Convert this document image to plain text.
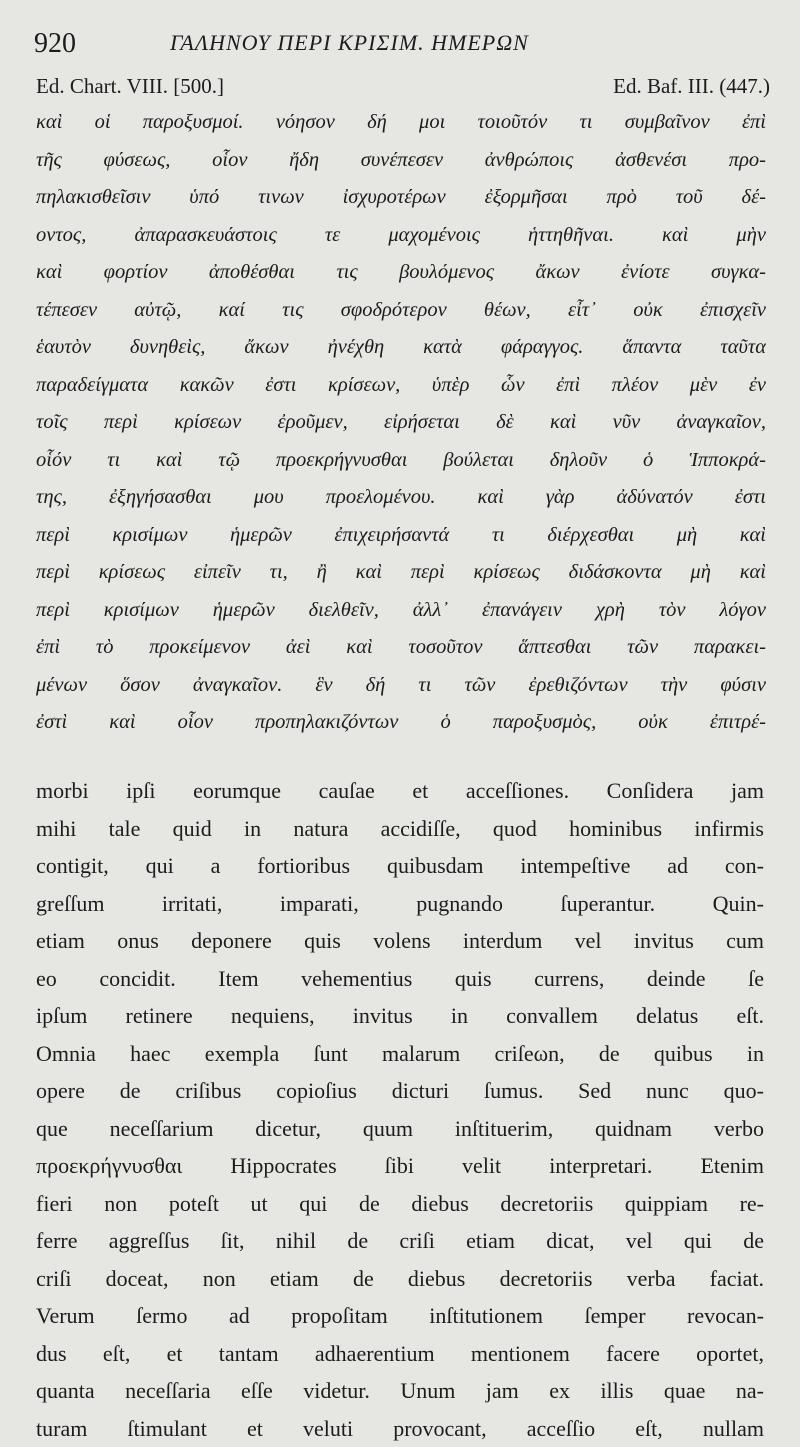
920	ΓΑΛΗΝΟΥ ΠΕΡΙ ΚΡΙΣΙΜ. ΗΜΕΡΩΝ
Ed. Chart. VIII. [500.]	Ed. Baf. III. (447.)
καὶ οἱ παροξυσμοί. νόησον δή μοι τοιοῦτόν τι συμβαῖνον ἐπὶ
τῆς φύσεως, οἷον ἤδη συνέπεσεν ἀνθρώποις ἀσθενέσι προ-
πηλακισθεῖσιν ὑπό τινων ἰσχυροτέρων ἐξορμῆσαι πρὸ τοῦ δέ-
οντος, ἀπαρασκευάστοις τε μαχομένοις ἡττηθῆναι. καὶ μὴν
καὶ φορτίον ἀποθέσθαι τις βουλόμενος ἄκων ἐνίοτε συγκα-
τέπεσεν αὐτῷ, καί τις σφοδρότερον θέων, εἶτ᾽ οὐκ ἐπισχεῖν
ἑαυτὸν δυνηθεὶς, ἄκων ἠνέχθη κατὰ φάραγγος. ἅπαντα ταῦτα
παραδείγματα κακῶν ἐστι κρίσεων, ὑπὲρ ὧν ἐπὶ πλέον μὲν ἐν
τοῖς περὶ κρίσεων ἐροῦμεν, εἰρήσεται δὲ καὶ νῦν ἀναγκαῖον,
οἷόν τι καὶ τῷ προεκρήγνυσθαι βούλεται δηλοῦν ὁ Ἱπποκρά-
της, ἐξηγήσασθαι μου προελομένου. καὶ γὰρ ἀδύνατόν ἐστι
περὶ κρισίμων ἡμερῶν ἐπιχειρήσαντά τι διέρχεσθαι μὴ καὶ
περὶ κρίσεως εἰπεῖν τι, ἢ καὶ περὶ κρίσεως διδάσκοντα μὴ καὶ
περὶ κρισίμων ἡμερῶν διελθεῖν, ἀλλ᾽ ἐπανάγειν χρὴ τὸν λόγον
ἐπὶ τὸ προκείμενον ἀεὶ καὶ τοσοῦτον ἅπτεσθαι τῶν παρακει-
μένων ὅσον ἀναγκαῖον. ἓν δή τι τῶν ἐρεθιζόντων τὴν φύσιν
ἐστὶ καὶ οἷον προπηλακιζόντων ὁ παροξυσμὸς, οὐκ ἐπιτρέ-
morbi ipſi eorumque cauſae et acceſſiones. Conſidera jam
mihi tale quid in natura accidiſſe, quod hominibus infirmis
contigit, qui a fortioribus quibusdam intempeſtive ad con-
greſſum irritati, imparati, pugnando ſuperantur. Quin-
etiam onus deponere quis volens interdum vel invitus cum
eo concidit. Item vehementius quis currens, deinde ſe
ipſum retinere nequiens, invitus in convallem delatus eſt.
Omnia haec exempla ſunt malarum criſeωn, de quibus in
opere de criſibus copioſius dicturi ſumus. Sed nunc quo-
que neceſſarium dicetur, quum inſtituerim, quidnam verbo
προεκρήγνυσθαι Hippocrates ſibi velit interpretari. Etenim
fieri non poteſt ut qui de diebus decretoriis quippiam re-
ferre aggreſſus ſit, nihil de criſi etiam dicat, vel qui de
criſi doceat, non etiam de diebus decretoriis verba faciat.
Verum ſermo ad propoſitam inſtitutionem ſemper revocan-
dus eſt, et tantam adhaerentium mentionem facere oportet,
quanta neceſſaria eſſe videtur. Unum jam ex illis quae na-
turam ſtimulant et veluti provocant, acceſſio eſt, nullam
